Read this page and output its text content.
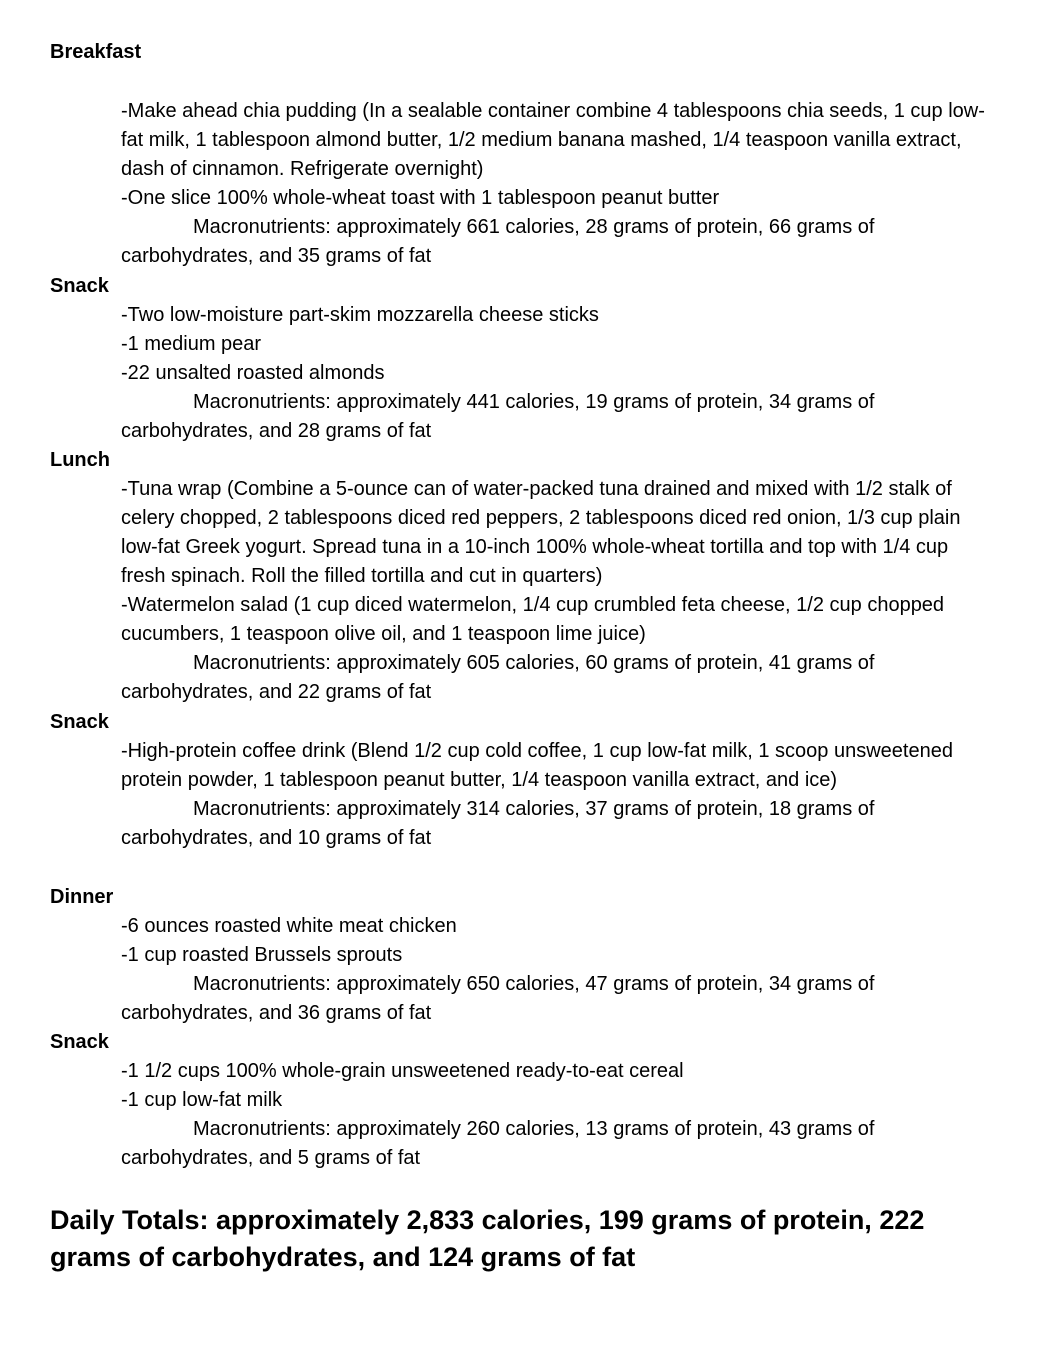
Breakfast
-Make ahead chia pudding (In a sealable container combine 4 tablespoons chia seeds, 1 cup low-fat milk, 1 tablespoon almond butter, 1/2 medium banana mashed, 1/4 teaspoon vanilla extract, dash of cinnamon. Refrigerate overnight)
-One slice 100% whole-wheat toast with 1 tablespoon peanut butter
Macronutrients: approximately 661 calories, 28 grams of protein, 66 grams of carbohydrates, and 35 grams of fat
Snack
-Two low-moisture part-skim mozzarella cheese sticks
-1 medium pear
-22 unsalted roasted almonds
Macronutrients: approximately 441 calories, 19 grams of protein, 34 grams of carbohydrates, and 28 grams of fat
Lunch
-Tuna wrap (Combine a 5-ounce can of water-packed tuna drained and mixed with 1/2 stalk of celery chopped, 2 tablespoons diced red peppers, 2 tablespoons diced red onion, 1/3 cup plain low-fat Greek yogurt. Spread tuna in a 10-inch 100% whole-wheat tortilla and top with 1/4 cup fresh spinach. Roll the filled tortilla and cut in quarters)
-Watermelon salad (1 cup diced watermelon, 1/4 cup crumbled feta cheese, 1/2 cup chopped cucumbers, 1 teaspoon olive oil, and 1 teaspoon lime juice)
Macronutrients: approximately 605 calories, 60 grams of protein, 41 grams of carbohydrates, and 22 grams of fat
Snack
-High-protein coffee drink (Blend 1/2 cup cold coffee, 1 cup low-fat milk, 1 scoop unsweetened protein powder, 1 tablespoon peanut butter, 1/4 teaspoon vanilla extract, and ice)
Macronutrients: approximately 314 calories, 37 grams of protein, 18 grams of carbohydrates, and 10 grams of fat
Dinner
-6 ounces roasted white meat chicken
-1 cup roasted Brussels sprouts
Macronutrients: approximately 650 calories, 47 grams of protein, 34 grams of carbohydrates, and 36 grams of fat
Snack
-1 1/2 cups 100% whole-grain unsweetened ready-to-eat cereal
-1 cup low-fat milk
Macronutrients: approximately 260 calories, 13 grams of protein, 43 grams of carbohydrates, and 5 grams of fat
Daily Totals: approximately 2,833 calories, 199 grams of protein, 222 grams of carbohydrates, and 124 grams of fat
